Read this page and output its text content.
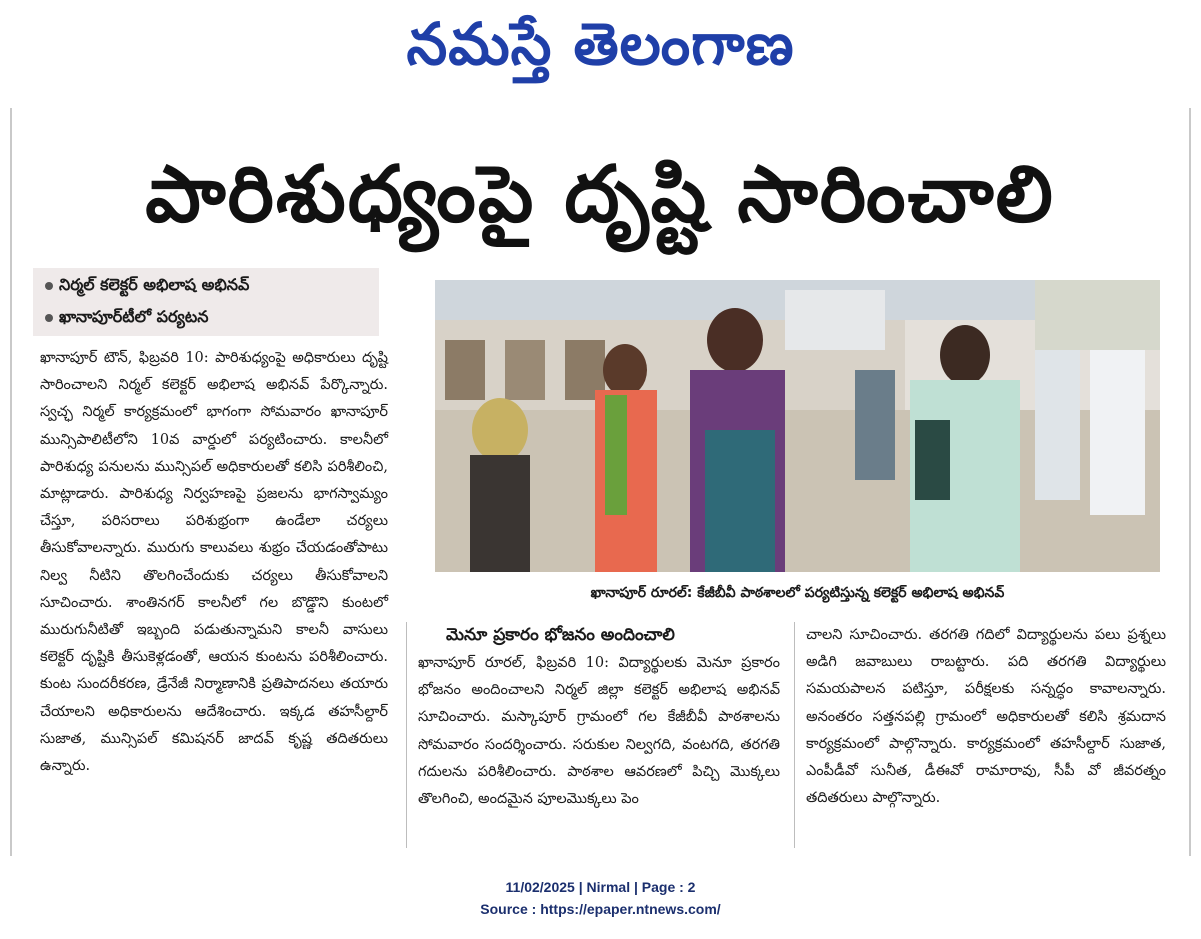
నమస్తే తెలంగాణ
పారిశుధ్యంపై దృష్టి సారించాలి
నిర్మల్ కలెక్టర్ అభిలాష అభినవ్
ఖానాపూర్‌టీలో పర్యటన

ఖానాపూర్ టౌన్, ఫిబ్రవరి 10: పారిశుధ్యంపై అధికారులు దృష్టి సారించాలని నిర్మల్ కలెక్టర్ అభిలాష అభినవ్ పేర్కొన్నారు. స్వచ్ఛ నిర్మల్ కార్యక్రమంలో భాగంగా సోమవారం ఖానాపూర్ మున్సిపాలిటీలోని 10వ వార్డులో పర్యటించారు. కాలనీలో పారిశుధ్య పనులను మున్సిపల్ అధికారులతో కలిసి పరిశీలించి, మాట్లాడారు. పారిశుధ్య నిర్వహణపై ప్రజలను భాగస్వామ్యం చేస్తూ, పరిసరాలు పరిశుభ్రంగా ఉండేలా చర్యలు తీసుకోవాలన్నారు. మురుగు కాలువలు శుభ్రం చేయడంతోపాటు నిల్వ నీటిని తొలగించేందుకు చర్యలు తీసుకోవాలని సూచించారు. శాంతినగర్ కాలనీలో గల బొడ్డొని కుంటలో మురుగునీటితో ఇబ్బంది పడుతున్నామని కాలనీ వాసులు కలెక్టర్ దృష్టికి తీసుకెళ్లడంతో, ఆయన కుంటను పరిశీలించారు. కుంట సుందరీకరణ, డ్రేనేజీ నిర్మాణానికి ప్రతిపాదనలు తయారు చేయాలని అధికారులను ఆదేశించారు. ఇక్కడ తహసీల్దార్ సుజాత, మున్సిపల్ కమిషనర్ జాదవ్ కృష్ణ తదితరులు ఉన్నారు.

ఖానాపూర్ రూరల్: కేజీబీవీ పాఠశాలలో పర్యటిస్తున్న కలెక్టర్ అభిలాష అభినవ్
మెనూ ప్రకారం భోజనం అందించాలి

ఖానాపూర్ రూరల్, ఫిబ్రవరి 10: విద్యార్థులకు మెనూ ప్రకారం భోజనం అందించాలని నిర్మల్ జిల్లా కలెక్టర్ అభిలాష అభినవ్ సూచించారు. మస్కాపూర్ గ్రామంలో గల కేజీబీవీ పాఠశాలను సోమవారం సందర్శించారు. సరుకుల నిల్వగది, వంటగది, తరగతి గదులను పరిశీలించారు. పాఠశాల ఆవరణలో పిచ్చి మొక్కలు తొలగించి, అందమైన పూలమొక్కలు పెం

చాలని సూచించారు. తరగతి గదిలో విద్యార్థులను పలు ప్రశ్నలు అడిగి జవాబులు రాబట్టారు. పది తరగతి విద్యార్థులు సమయపాలన పటిస్తూ, పరీక్షలకు సన్నద్ధం కావాలన్నారు. అనంతరం సత్తనపల్లి గ్రామంలో అధికారులతో కలిసి శ్రమదాన కార్యక్రమంలో పాల్గొన్నారు. కార్యక్రమంలో తహసీల్దార్ సుజాత, ఎంపీడీవో సునీత, డీఈవో రామారావు, సీపీ వో జీవరత్నం తదితరులు పాల్గొన్నారు.

11/02/2025 | Nirmal | Page : 2
Source : https://epaper.ntnews.com/
